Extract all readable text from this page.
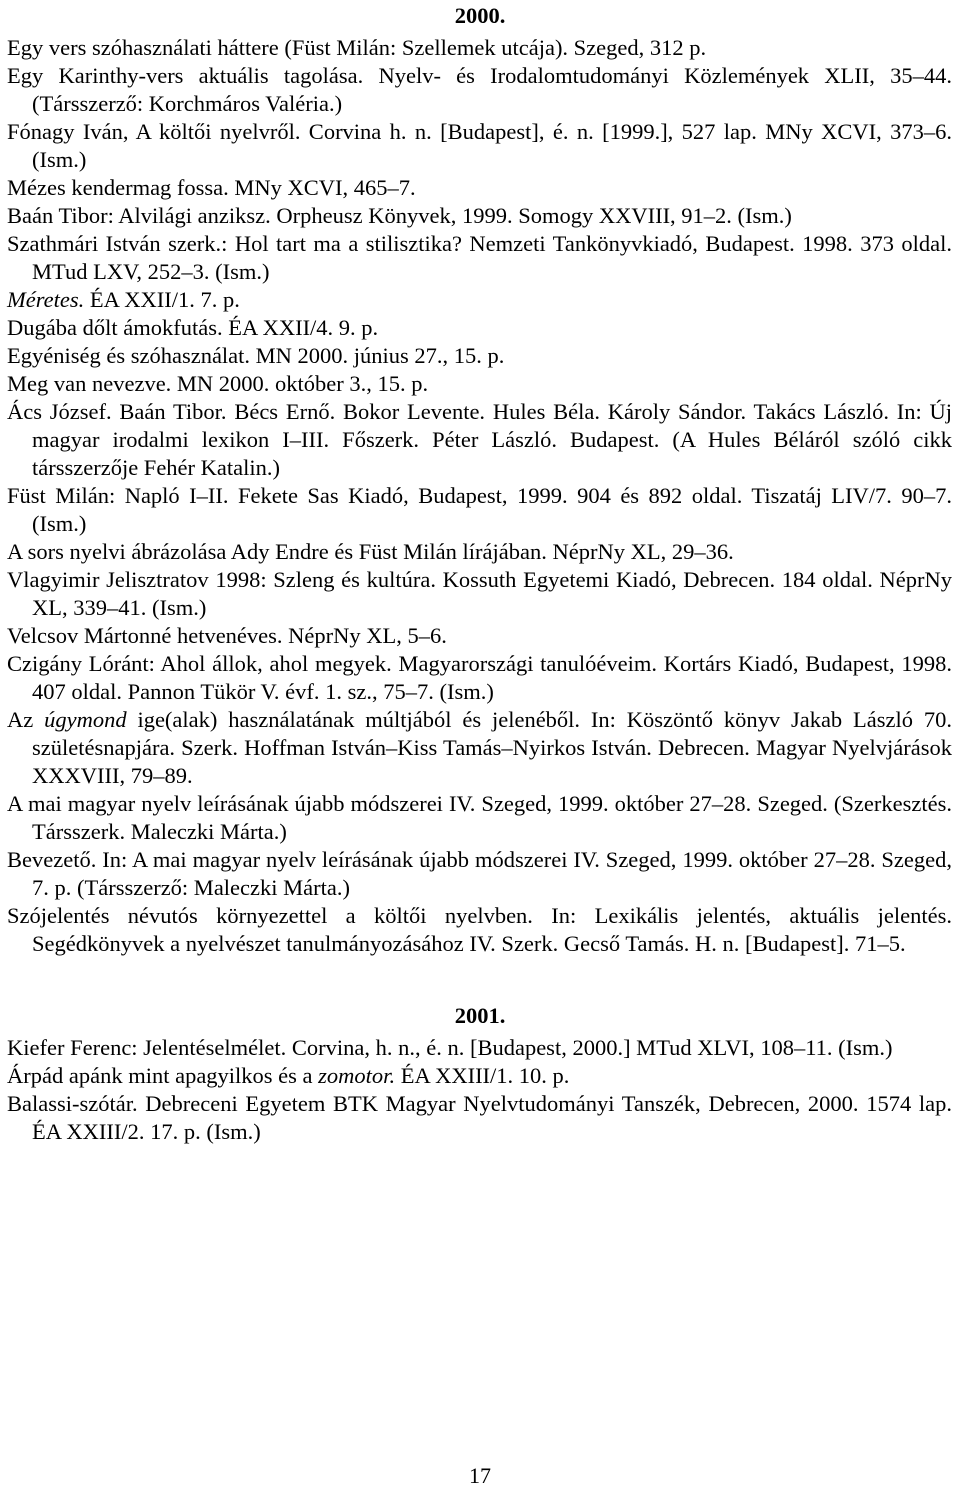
2000.

Egy vers szóhasználati háttere (Füst Milán: Szellemek utcája). Szeged, 312 p.

Egy Karinthy-vers aktuális tagolása. Nyelv- és Irodalomtudományi Közlemények XLII, 35–44. (Társszerző: Korchmáros Valéria.)

Fónagy Iván, A költői nyelvről. Corvina h. n. [Budapest], é. n. [1999.], 527 lap. MNy XCVI, 373–6. (Ism.)

Mézes kendermag fossa. MNy XCVI, 465–7.

Baán Tibor: Alvilági anziksz. Orpheusz Könyvek, 1999. Somogy XXVIII, 91–2. (Ism.)

Szathmári István szerk.: Hol tart ma a stilisztika? Nemzeti Tankönyvkiadó, Budapest. 1998. 373 oldal. MTud LXV, 252–3. (Ism.)

Méretes. ÉA XXII/1. 7. p.

Dugába dőlt ámokfutás. ÉA XXII/4. 9. p.

Egyéniség és szóhasználat. MN 2000. június 27., 15. p.

Meg van nevezve. MN 2000. október 3., 15. p.

Ács József. Baán Tibor. Bécs Ernő. Bokor Levente. Hules Béla. Károly Sándor. Takács László. In: Új magyar irodalmi lexikon I–III. Főszerk. Péter László. Budapest. (A Hules Béláról szóló cikk társszerzője Fehér Katalin.)

Füst Milán: Napló I–II. Fekete Sas Kiadó, Budapest, 1999. 904 és 892 oldal. Tiszatáj LIV/7. 90–7. (Ism.)

A sors nyelvi ábrázolása Ady Endre és Füst Milán lírájában. NéprNy XL, 29–36.

Vlagyimir Jelisztratov 1998: Szleng és kultúra. Kossuth Egyetemi Kiadó, Debrecen. 184 oldal. NéprNy XL, 339–41. (Ism.)

Velcsov Mártonné hetvenéves. NéprNy XL, 5–6.

Czigány Lóránt: Ahol állok, ahol megyek. Magyarországi tanulóéveim. Kortárs Kiadó, Budapest, 1998. 407 oldal. Pannon Tükör V. évf. 1. sz., 75–7. (Ism.)

Az úgymond ige(alak) használatának múltjából és jelenéből. In: Köszöntő könyv Jakab László 70. születésnapjára. Szerk. Hoffman István–Kiss Tamás–Nyirkos István. Debrecen. Magyar Nyelvjárások XXXVIII, 79–89.

A mai magyar nyelv leírásának újabb módszerei IV. Szeged, 1999. október 27–28. Szeged. (Szerkesztés. Társszerk. Maleczki Márta.)

Bevezető. In: A mai magyar nyelv leírásának újabb módszerei IV. Szeged, 1999. október 27–28. Szeged, 7. p. (Társszerző: Maleczki Márta.)

Szójelentés névutós környezettel a költői nyelvben. In: Lexikális jelentés, aktuális jelentés. Segédkönyvek a nyelvészet tanulmányozásához IV. Szerk. Gecső Tamás. H. n. [Budapest]. 71–5.

2001.

Kiefer Ferenc: Jelentéselmélet. Corvina, h. n., é. n. [Budapest, 2000.] MTud XLVI, 108–11. (Ism.)

Árpád apánk mint apagyilkos és a zomotor. ÉA XXIII/1. 10. p.

Balassi-szótár. Debreceni Egyetem BTK Magyar Nyelvtudományi Tanszék, Debrecen, 2000. 1574 lap. ÉA XXIII/2. 17. p. (Ism.)

17
